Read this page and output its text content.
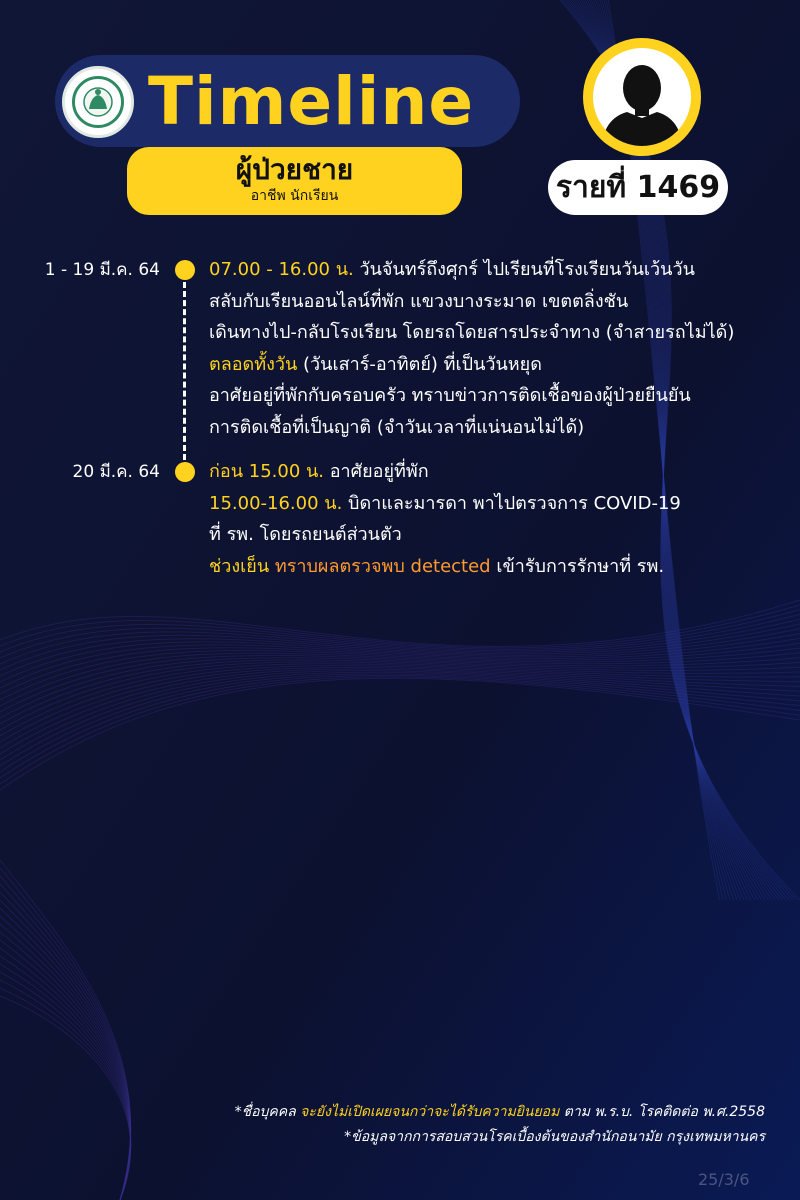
Timeline
ผู้ป่วยชาย
อาชีพ นักเรียน	รายที่ 1469
1 - 19 มี.ค. 64	07.00 - 16.00 น. วันจันทร์ถึงศุกร์ ไปเรียนที่โรงเรียนวันเว้นวัน
สลับกับเรียนออนไลน์ที่พัก แขวงบางระมาด เขตตลิ่งชัน
เดินทางไป-กลับโรงเรียน โดยรถโดยสารประจำทาง (จำสายรถไม่ได้)
ตลอดทั้งวัน (วันเสาร์-อาทิตย์) ที่เป็นวันหยุด
อาศัยอยู่ที่พักกับครอบครัว ทราบข่าวการติดเชื้อของผู้ป่วยยืนยัน
การติดเชื้อที่เป็นญาติ (จำวันเวลาที่แน่นอนไม่ได้)
20 มี.ค. 64	ก่อน 15.00 น. อาศัยอยู่ที่พัก
15.00-16.00 น. บิดาและมารดา พาไปตรวจการ COVID-19
ที่ รพ. โดยรถยนต์ส่วนตัว
ช่วงเย็น ทราบผลตรวจพบ detected เข้ารับการรักษาที่ รพ.
*ชื่อบุคคล จะยังไม่เปิดเผยจนกว่าจะได้รับความยินยอม ตาม พ.ร.บ. โรคติดต่อ พ.ศ.2558
*ข้อมูลจากการสอบสวนโรคเบื้องต้นของสำนักอนามัย กรุงเทพมหานคร
25/3/6
